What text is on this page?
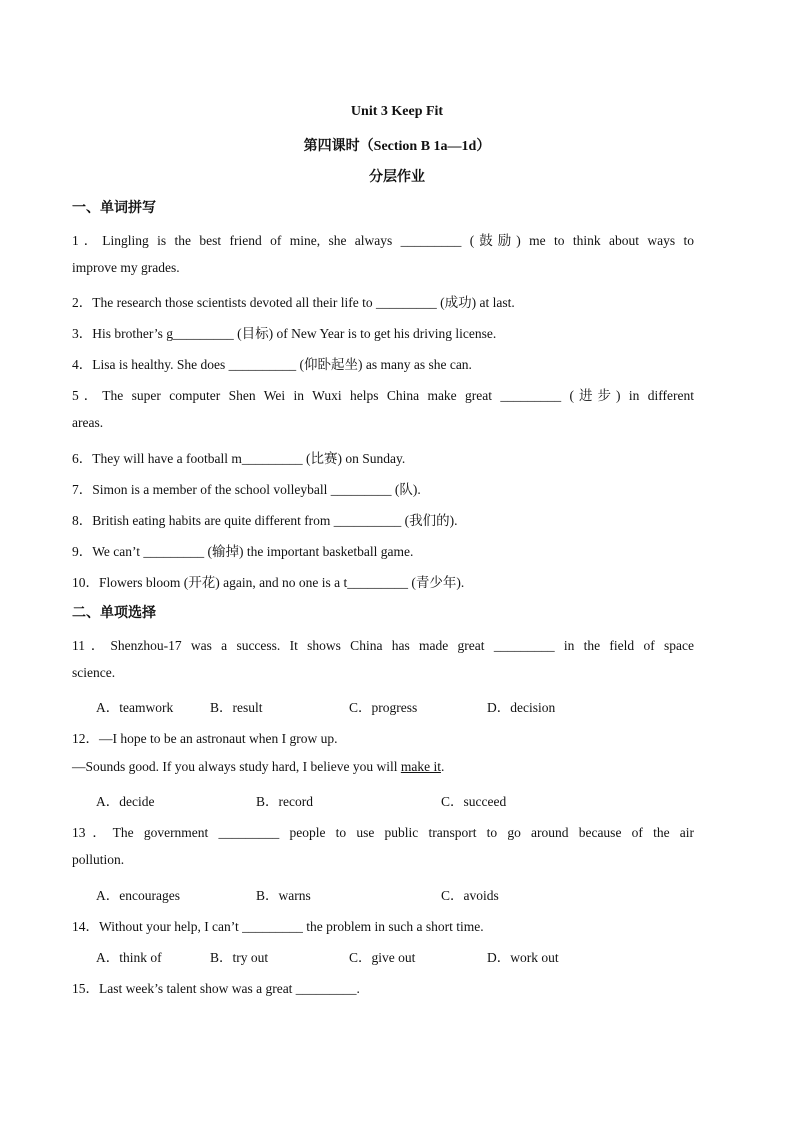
Unit 3 Keep Fit
第四课时（Section B 1a—1d）
分层作业
一、单词拼写
1．Lingling is the best friend of mine, she always _________ (鼓励) me to think about ways to
improve my grades.
2．The research those scientists devoted all their life to _________ (成功) at last.
3．His brother’s g_________ (目标) of New Year is to get his driving license.
4．Lisa is healthy. She does __________ (仰卧起坐) as many as she can.
5．The super computer Shen Wei in Wuxi helps China make great _________ (进步) in different
areas.
6．They will have a football m_________ (比赛) on Sunday.
7．Simon is a member of the school volleyball _________ (队).
8．British eating habits are quite different from __________ (我们的).
9．We can’t _________ (输掉) the important basketball game.
10．Flowers bloom (开花) again, and no one is a t_________ (青少年).
二、单项选择
11．Shenzhou-17 was a success. It shows China has made great _________ in the field of space
science.
A．teamwork	B．result	C．progress	D．decision
12．—I hope to be an astronaut when I grow up.
—Sounds good. If you always study hard, I believe you will make it.
A．decide	B．record	C．succeed
13．The government _________ people to use public transport to go around because of the air
pollution.
A．encourages	B．warns	C．avoids
14．Without your help, I can’t _________ the problem in such a short time.
A．think of	B．try out	C．give out	D．work out
15．Last week’s talent show was a great _________.
